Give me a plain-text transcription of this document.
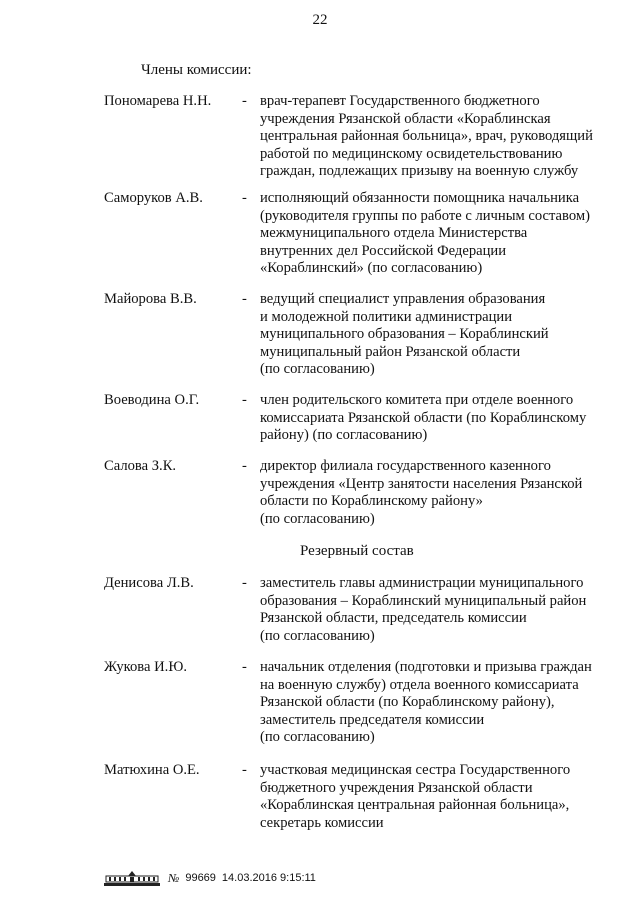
22
Члены комиссии:
Пономарева Н.Н. - врач-терапевт Государственного бюджетного
учреждения Рязанской области «Кораблинская
центральная районная больница», врач, руководящий
работой по медицинскому освидетельствованию
граждан, подлежащих призыву на военную службу
Саморуков А.В.	- исполняющий обязанности помощника начальника
(руководителя группы по работе с личным составом)
межмуниципального отдела Министерства
внутренних дел Российской Федерации
«Кораблинский» (по согласованию)
Майорова В.В.	- ведущий специалист управления образования
и молодежной политики администрации
муниципального образования – Кораблинский
муниципальный район Рязанской области
(по согласованию)
Воеводина О.Г.	- член родительского комитета при отделе военного
комиссариата Рязанской области (по Кораблинскому
району) (по согласованию)
Салова З.К.	- директор филиала государственного казенного
учреждения «Центр занятости населения Рязанской
области по Кораблинскому району»
(по согласованию)
Резервный состав
Денисова Л.В.	- заместитель главы администрации муниципального
образования – Кораблинский муниципальный район
Рязанской области, председатель комиссии
(по согласованию)
Жукова И.Ю.	- начальник отделения (подготовки и призыва граждан
на военную службу) отдела военного комиссариата
Рязанской области (по Кораблинскому району),
заместитель председателя комиссии
(по согласованию)
Матюхина О.Е.	- участковая медицинская сестра Государственного
бюджетного учреждения Рязанской области
«Кораблинская центральная районная больница»,
секретарь комиссии
№ 99669 14.03.2016 9:15:11
